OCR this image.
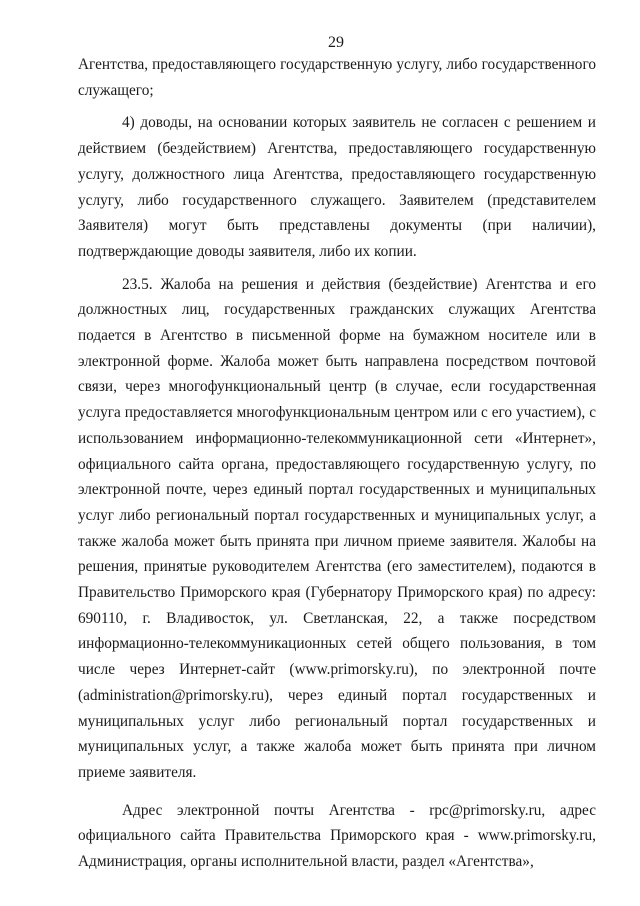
29

Агентства, предоставляющего государственную услугу, либо государственного служащего;

4) доводы, на основании которых заявитель не согласен с решением и действием (бездействием) Агентства, предоставляющего государственную услугу, должностного лица Агентства, предоставляющего государственную услугу, либо государственного служащего. Заявителем (представителем Заявителя) могут быть представлены документы (при наличии), подтверждающие доводы заявителя, либо их копии.

23.5. Жалоба на решения и действия (бездействие) Агентства и его должностных лиц, государственных гражданских служащих Агентства подается в Агентство в письменной форме на бумажном носителе или в электронной форме. Жалоба может быть направлена посредством почтовой связи, через многофункциональный центр (в случае, если государственная услуга предоставляется многофункциональным центром или с его участием), с использованием информационно-телекоммуникационной сети «Интернет», официального сайта органа, предоставляющего государственную услугу, по электронной почте, через единый портал государственных и муниципальных услуг либо региональный портал государственных и муниципальных услуг, а также жалоба может быть принята при личном приеме заявителя. Жалобы на решения, принятые руководителем Агентства (его заместителем), подаются в Правительство Приморского края (Губернатору Приморского края) по адресу: 690110, г. Владивосток, ул. Светланская, 22, а также посредством информационно-телекоммуникационных сетей общего пользования, в том числе через Интернет-сайт (www.primorsky.ru), по электронной почте (administration@primorsky.ru), через единый портал государственных и муниципальных услуг либо региональный портал государственных и муниципальных услуг, а также жалоба может быть принята при личном приеме заявителя.

Адрес электронной почты Агентства - rpc@primorsky.ru, адрес официального сайта Правительства Приморского края - www.primorsky.ru, Администрация, органы исполнительной власти, раздел «Агентства»,
